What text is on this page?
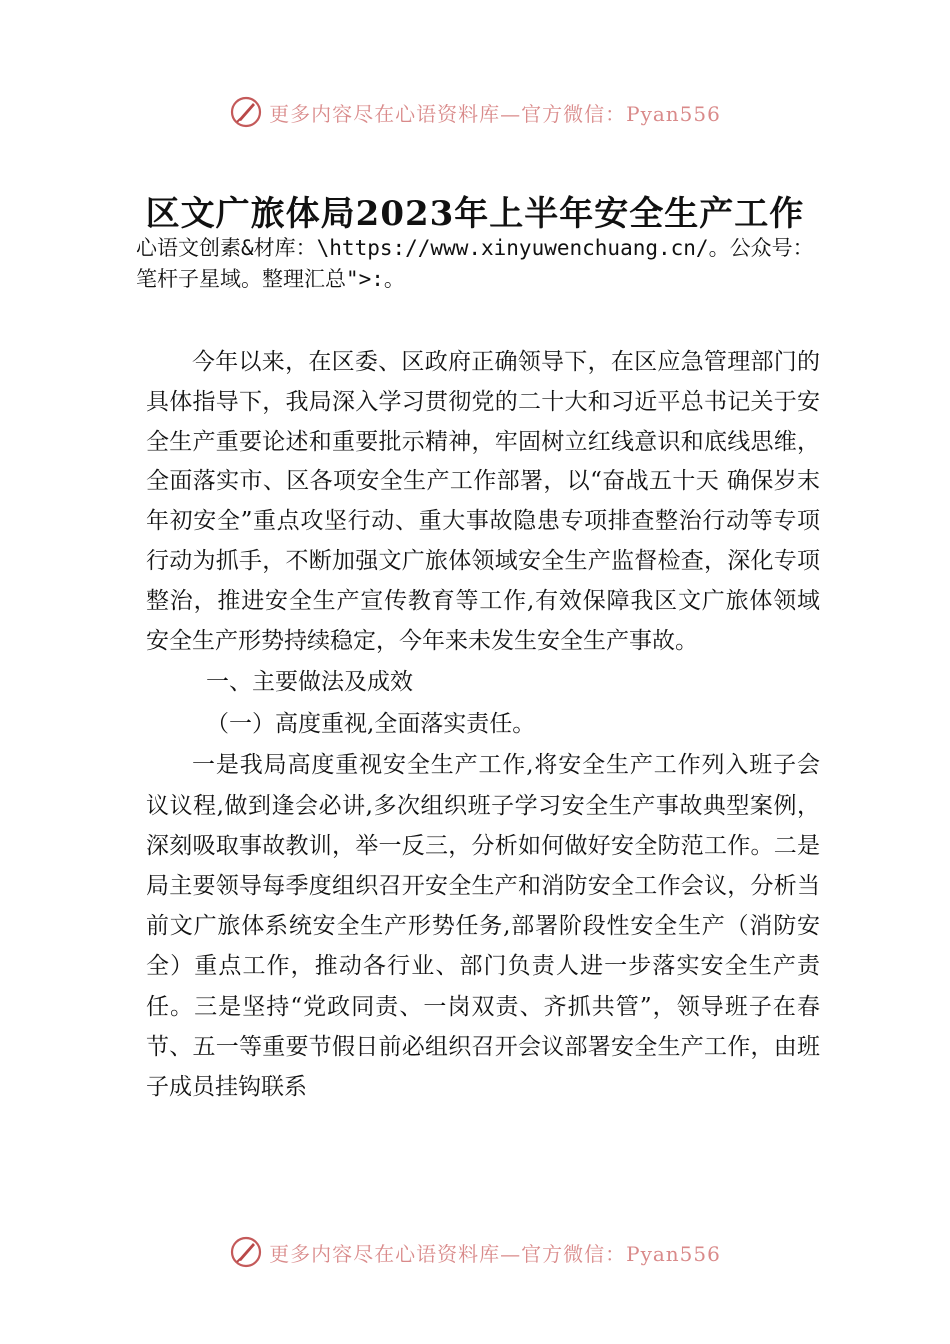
更多内容尽在心语资料库—官方微信：Pyan556
区文广旅体局2023年上半年安全生产工作
心语文创素&材库：\https://www.xinyuwenchuang.cn/。公众号：笔杆子星域。整理汇总">:。

今年以来，在区委、区政府正确领导下，在区应急管理部门的具体指导下，我局深入学习贯彻党的二十大和习近平总书记关于安全生产重要论述和重要批示精神，牢固树立红线意识和底线思维，全面落实市、区各项安全生产工作部署，以“奋战五十天 确保岁末年初安全”重点攻坚行动、重大事故隐患专项排查整治行动等专项行动为抓手，不断加强文广旅体领域安全生产监督检查，深化专项整治，推进安全生产宣传教育等工作,有效保障我区文广旅体领域安全生产形势持续稳定，今年来未发生安全生产事故。

一、主要做法及成效

（一）高度重视,全面落实责任。

一是我局高度重视安全生产工作,将安全生产工作列入班子会议议程,做到逢会必讲,多次组织班子学习安全生产事故典型案例，深刻吸取事故教训，举一反三，分析如何做好安全防范工作。二是局主要领导每季度组织召开安全生产和消防安全工作会议，分析当前文广旅体系统安全生产形势任务,部署阶段性安全生产（消防安全）重点工作，推动各行业、部门负责人进一步落实安全生产责任。三是坚持“党政同责、一岗双责、齐抓共管”，领导班子在春节、五一等重要节假日前必组织召开会议部署安全生产工作，由班子成员挂钩联系

更多内容尽在心语资料库—官方微信：Pyan556
